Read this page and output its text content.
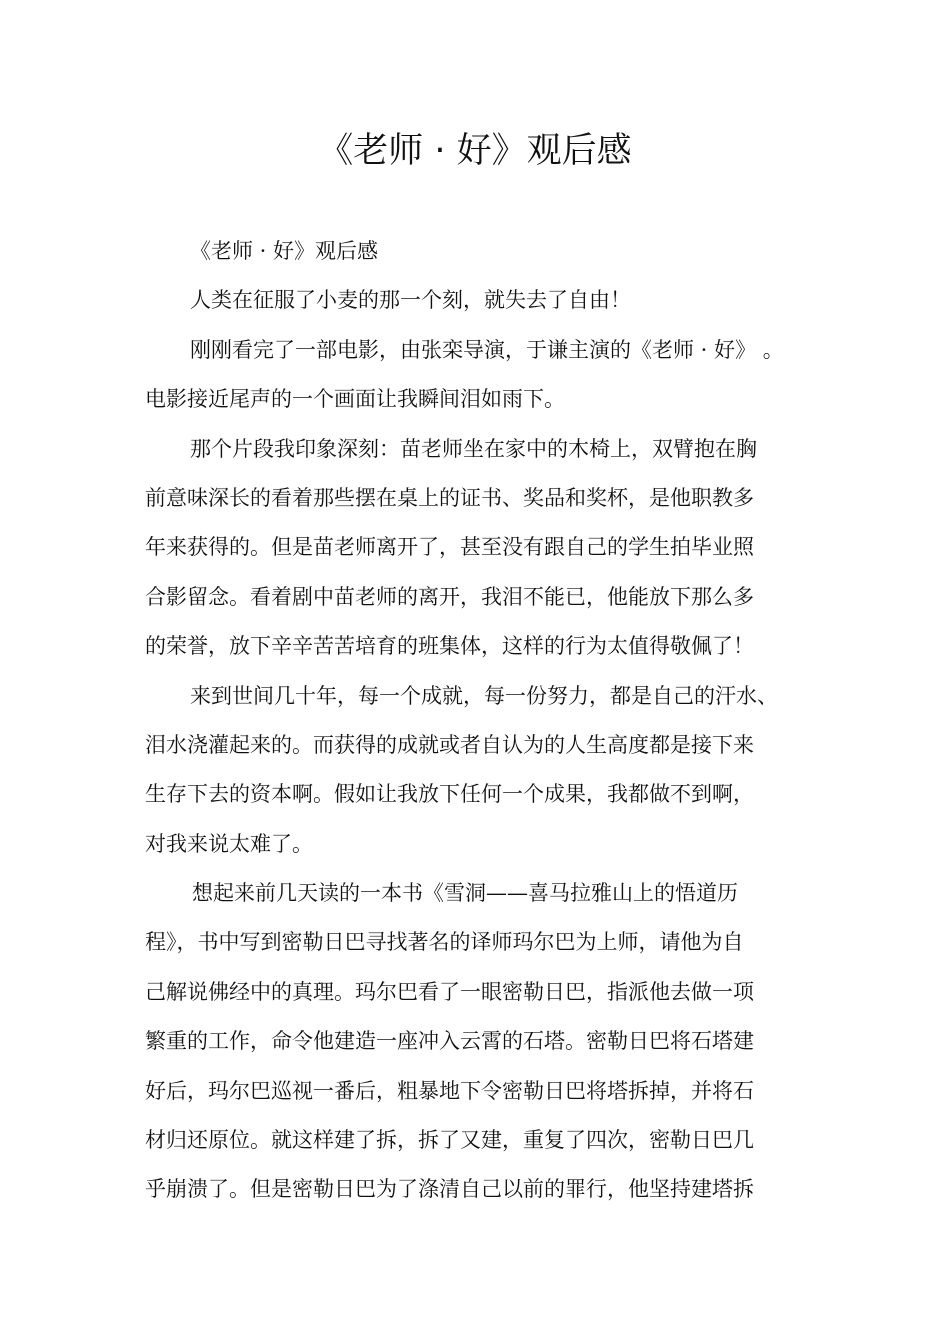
《老师 · 好》观后感
《老师 · 好》观后感
人类在征服了小麦的那一个刻，就失去了自由！
刚刚看完了一部电影，由张栾导演，于谦主演的《老师 · 好》 。
电影接近尾声的一个画面让我瞬间泪如雨下。
那个片段我印象深刻：苗老师坐在家中的木椅上，双臂抱在胸
前意味深长的看着那些摆在桌上的证书、奖品和奖杯，是他职教多
年来获得的。但是苗老师离开了，甚至没有跟自己的学生拍毕业照
合影留念。看着剧中苗老师的离开，我泪不能已，他能放下那么多
的荣誉，放下辛辛苦苦培育的班集体，这样的行为太值得敬佩了！
来到世间几十年，每一个成就，每一份努力，都是自己的汗水、
泪水浇灌起来的。而获得的成就或者自认为的人生高度都是接下来
生存下去的资本啊。假如让我放下任何一个成果，我都做不到啊，
对我来说太难了。
想起来前几天读的一本书《雪洞——喜马拉雅山上的悟道历
程》，书中写到密勒日巴寻找著名的译师玛尔巴为上师，请他为自
己解说佛经中的真理。玛尔巴看了一眼密勒日巴，指派他去做一项
繁重的工作，命令他建造一座冲入云霄的石塔。密勒日巴将石塔建
好后，玛尔巴巡视一番后，粗暴地下令密勒日巴将塔拆掉，并将石
材归还原位。就这样建了拆，拆了又建，重复了四次，密勒日巴几
乎崩溃了。但是密勒日巴为了涤清自己以前的罪行，他坚持建塔拆
